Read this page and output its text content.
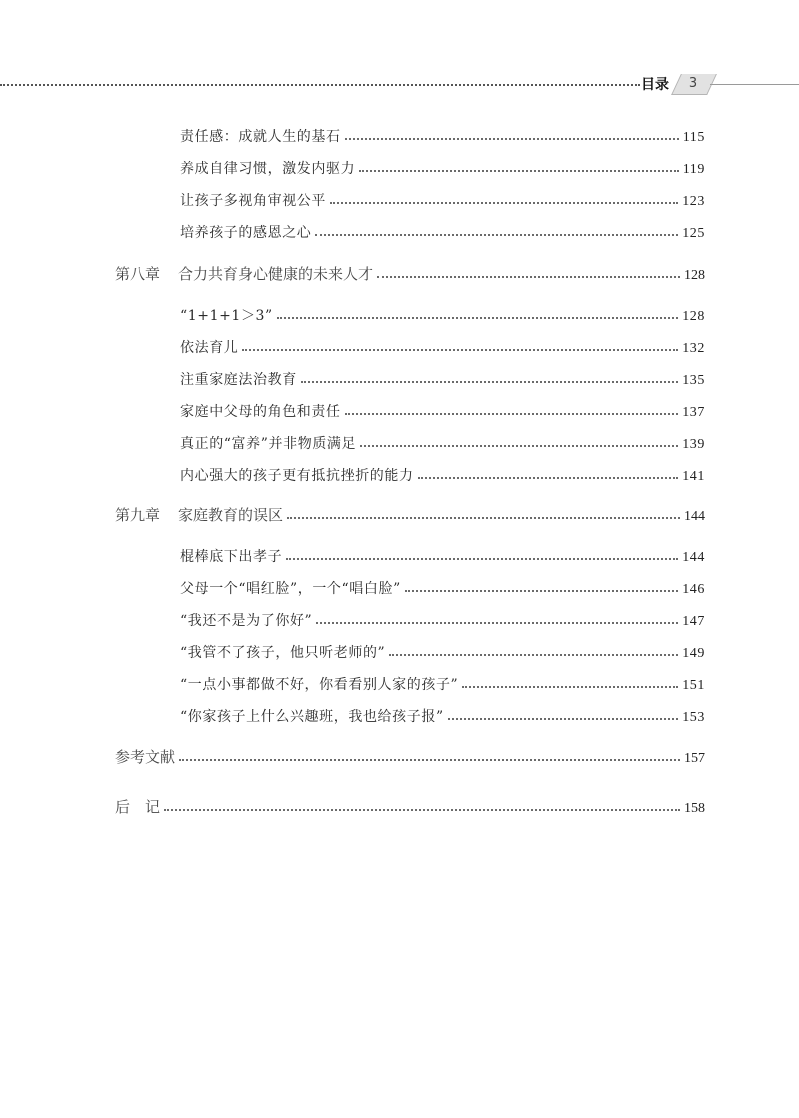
目录	3
责任感：成就人生的基石	115
养成自律习惯，激发内驱力	119
让孩子多视角审视公平	123
培养孩子的感恩之心	125
第八章 合力共育身心健康的未来人才	128
“1+1+1＞3”	128
依法育儿	132
注重家庭法治教育	135
家庭中父母的角色和责任	137
真正的“富养”并非物质满足	139
内心强大的孩子更有抵抗挫折的能力	141
第九章 家庭教育的误区	144
棍棒底下出孝子	144
父母一个“唱红脸”，一个“唱白脸”	146
“我还不是为了你好”	147
“我管不了孩子，他只听老师的”	149
“一点小事都做不好，你看看别人家的孩子”	151
“你家孩子上什么兴趣班，我也给孩子报”	153
参考文献	157
后　记	158
